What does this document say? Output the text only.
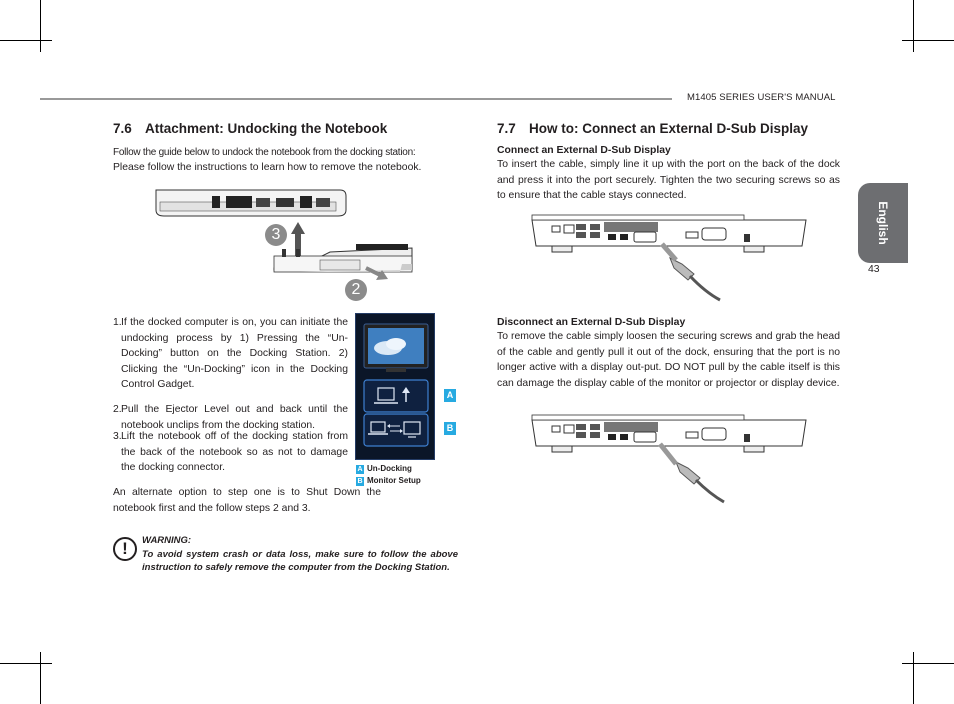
M1405 SERIES USER'S MANUAL
English
43
7.6 Attachment: Undocking the Notebook
Follow the guide below to undock the notebook from the docking station:
Please follow the instructions to learn how to remove the notebook.
3
2
1. If the docked computer is on, you can initiate the undocking process by 1) Pressing the “Un-Docking” button on the Docking Station. 2) Clicking the “Un-Docking” icon in the Docking Control Gadget.
2. Pull the Ejector Level out and back until the notebook unclips from the docking station.
3. Lift the notebook off of the docking station from the back of the notebook so as not to damage the docking connector.
An alternate option to step one is to Shut Down the notebook first and the follow steps 2 and 3.
A
B
A Un-Docking
B Monitor Setup
!	WARNING:
To avoid system crash or data loss, make sure to follow the above instruction to safely remove the computer from the Docking Station.
7.7 How to: Connect an External D-Sub Display
Connect an External D-Sub Display
To insert the cable, simply line it up with the port on the back of the dock and press it into the port securely. Tighten the two securing screws so as to ensure that the cable stays connected.
Disconnect an External D-Sub Display
To remove the cable simply loosen the securing screws and grab the head of the cable and gently pull it out of the dock, ensuring that the port is no longer active with a display out-put. DO NOT pull by the cable itself is this can damage the display cable of the monitor or projector or display device.
